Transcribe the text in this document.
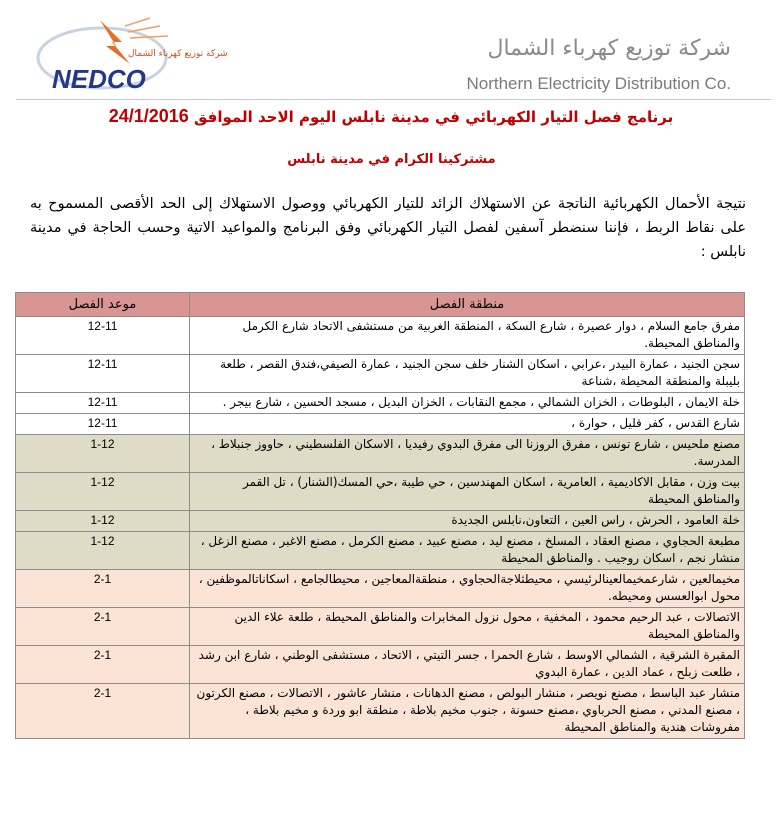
شركة توزيع كهرباء الشمال
NEDCO
شركة توزيع كهرباء الشمال
Northern Electricity Distribution Co.
برنامج فصل التيار الكهربائي في مدينة نابلس اليوم الاحد الموافق 24/1/2016
مشتركينا الكرام في مدينة نابلس
نتيجة الأحمال الكهربائية الناتجة عن الاستهلاك الزائد للتيار الكهربائي ووصول الاستهلاك إلى الحد الأقصى المسموح به على نقاط الربط ، فإننا سنضطر آسفين لفصل التيار الكهربائي وفق البرنامج والمواعيد الاتية وحسب الحاجة في مدينة نابلس :
منطقة الفصل	موعد الفصل
مفرق جامع السلام ، دوار عصيرة ، شارع السكة ، المنطقة الغربية من مستشفى الاتحاد شارع الكرمل والمناطق المحيطة.	12-11
سجن الجنيد ، عمارة البيدر ،عرابي ، اسكان الشنار خلف سجن الجنيد ، عمارة الصيفي،فندق القصر ، طلعة بليبلة والمنطقة المحيطة ،شناعة	12-11
خلة الايمان ، البلوطات ، الخزان الشمالي ، مجمع النقابات ، الخزان البديل ، مسجد الحسين ، شارع بيجر .	12-11
شارع القدس ، كفر قليل ، حوارة ،	12-11
مصنع ملحيس ، شارع تونس ، مفرق الروزنا الى مفرق البدوي رفيديا ، الاسكان الفلسطيني ، حاووز جنبلاط ، المدرسة.	1-12
بيت وزن ، مقابل الاكاديمية ، العامرية ، اسكان المهندسين ، حي طيبة ،حي المسك(الشنار) ، تل القمر والمناطق المحيطة	1-12
خلة العامود ، الحرش ، راس العين ، التعاون،نابلس الجديدة	1-12
مطبعة الحجاوي ، مصنع العقاد ، المسلخ ، مصنع ليد ، مصنع عبيد ، مصنع الكرمل ، مصنع الاغبر ، مصنع الزغل ، منشار نجم ، اسكان روجيب . والمناطق المحيطة	1-12
مخيمالعين ، شارعمخيمالعينالرئيسي ، محيطثلاجةالحجاوي ، منطقةالمعاجين ، محيطالجامع ، اسكاناتالموظفين ، محول ابوالعسس ومحيطه.	2-1
الاتصالات ، عبد الرحيم محمود ، المخفية ، محول نزول المخابرات والمناطق المحيطة ، طلعة علاء الدين والمناطق المحيطة	2-1
المقبرة الشرقية ، الشمالي الاوسط ، شارع الحمرا ، جسر التيتي ، الاتحاد ، مستشفى الوطني ، شارع ابن رشد ، طلعت زبلح ، عماد الدين ، عمارة البدوي	2-1
منشار عبد الباسط ، مصنع نويصر ، منشار البولص ، مصنع الدهانات ، منشار عاشور ، الاتصالات ، مصنع الكرتون ، مصنع المدني ، مصنع الحرباوي ،مصنع حسونة ، جنوب مخيم بلاطة ، منطقة ابو وردة و مخيم بلاطة ، مفروشات هندية والمناطق المحيطة	2-1
